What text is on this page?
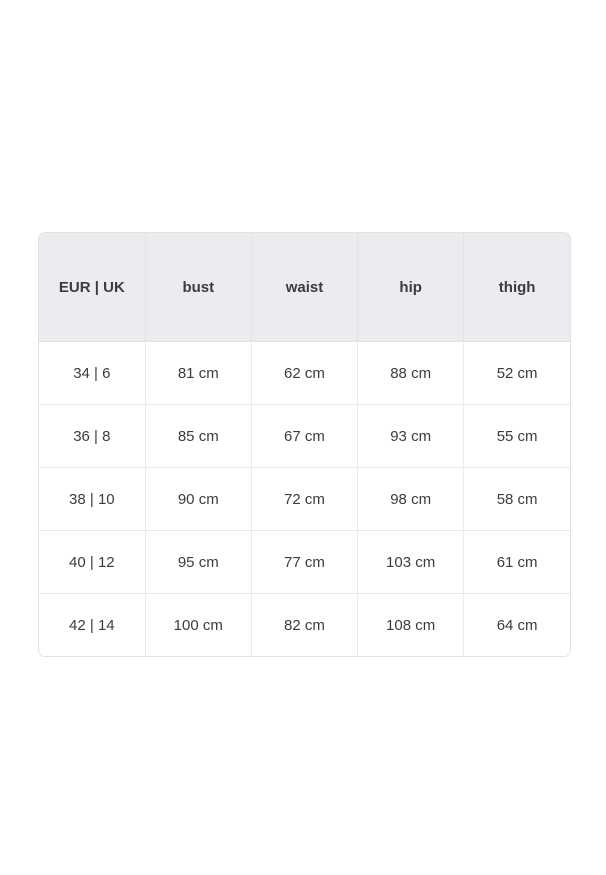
EUR | UK	bust	waist	hip	thigh
34 | 6	81 cm	62 cm	88 cm	52 cm
36 | 8	85 cm	67 cm	93 cm	55 cm
38 | 10	90 cm	72 cm	98 cm	58 cm
40 | 12	95 cm	77 cm	103 cm	61 cm
42 | 14	100 cm	82 cm	108 cm	64 cm
